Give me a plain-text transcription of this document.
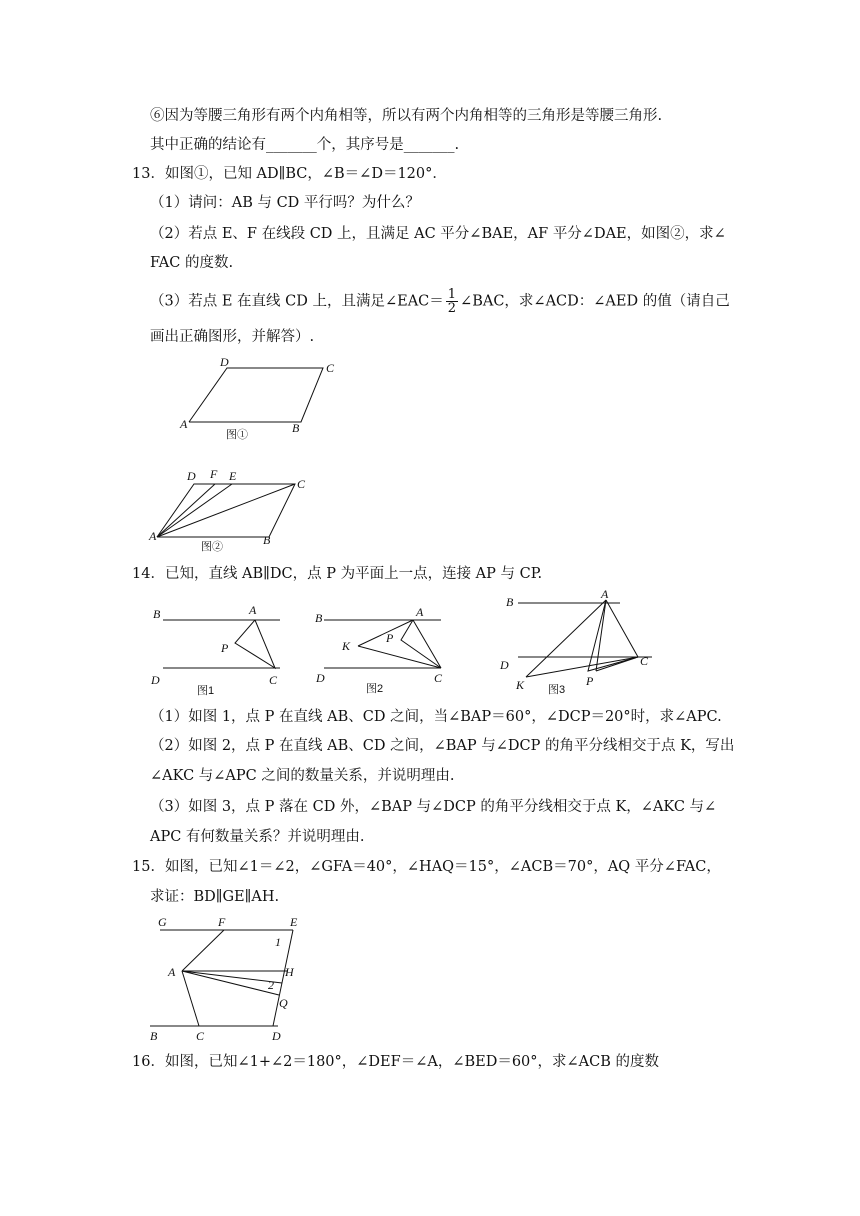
⑥因为等腰三角形有两个内角相等，所以有两个内角相等的三角形是等腰三角形.
其中正确的结论有_______个，其序号是_______.
13．如图①，已知 AD∥BC，∠B＝∠D＝120°．
（1）请问：AB 与 CD 平行吗？为什么？
（2）若点 E、F 在线段 CD 上，且满足 AC 平分∠BAE，AF 平分∠DAE，如图②，求∠
FAC 的度数.
（3）若点 E 在直线 CD 上，且满足∠EAC＝ $\frac{1}{2}$ ∠BAC，求∠ACD：∠AED 的值（请自己
画出正确图形，并解答）.
D	C
A	B
图①
D F E
C
A	B
图②
14．已知，直线 AB∥DC，点 P 为平面上一点，连接 AP 与 CP.
B	A
P
D	C
图1
B	A
K
P
D	C
图2
B
A
D	C
K	P
图3
（1）如图 1，点 P 在直线 AB、CD 之间，当∠BAP＝60°，∠DCP＝20°时，求∠APC.
（2）如图 2，点 P 在直线 AB、CD 之间，∠BAP 与∠DCP 的角平分线相交于点 K，写出
∠AKC 与∠APC 之间的数量关系，并说明理由.
（3）如图 3，点 P 落在 CD 外，∠BAP 与∠DCP 的角平分线相交于点 K，∠AKC 与∠
APC 有何数量关系？并说明理由.
15．如图，已知∠1＝∠2，∠GFA＝40°，∠HAQ＝15°，∠ACB＝70°，AQ 平分∠FAC，
求证：BD∥GE∥AH.
G	F	E
1
A	H
2
Q
B	C	D
16．如图，已知∠1+∠2＝180°，∠DEF＝∠A，∠BED＝60°，求∠ACB 的度数
